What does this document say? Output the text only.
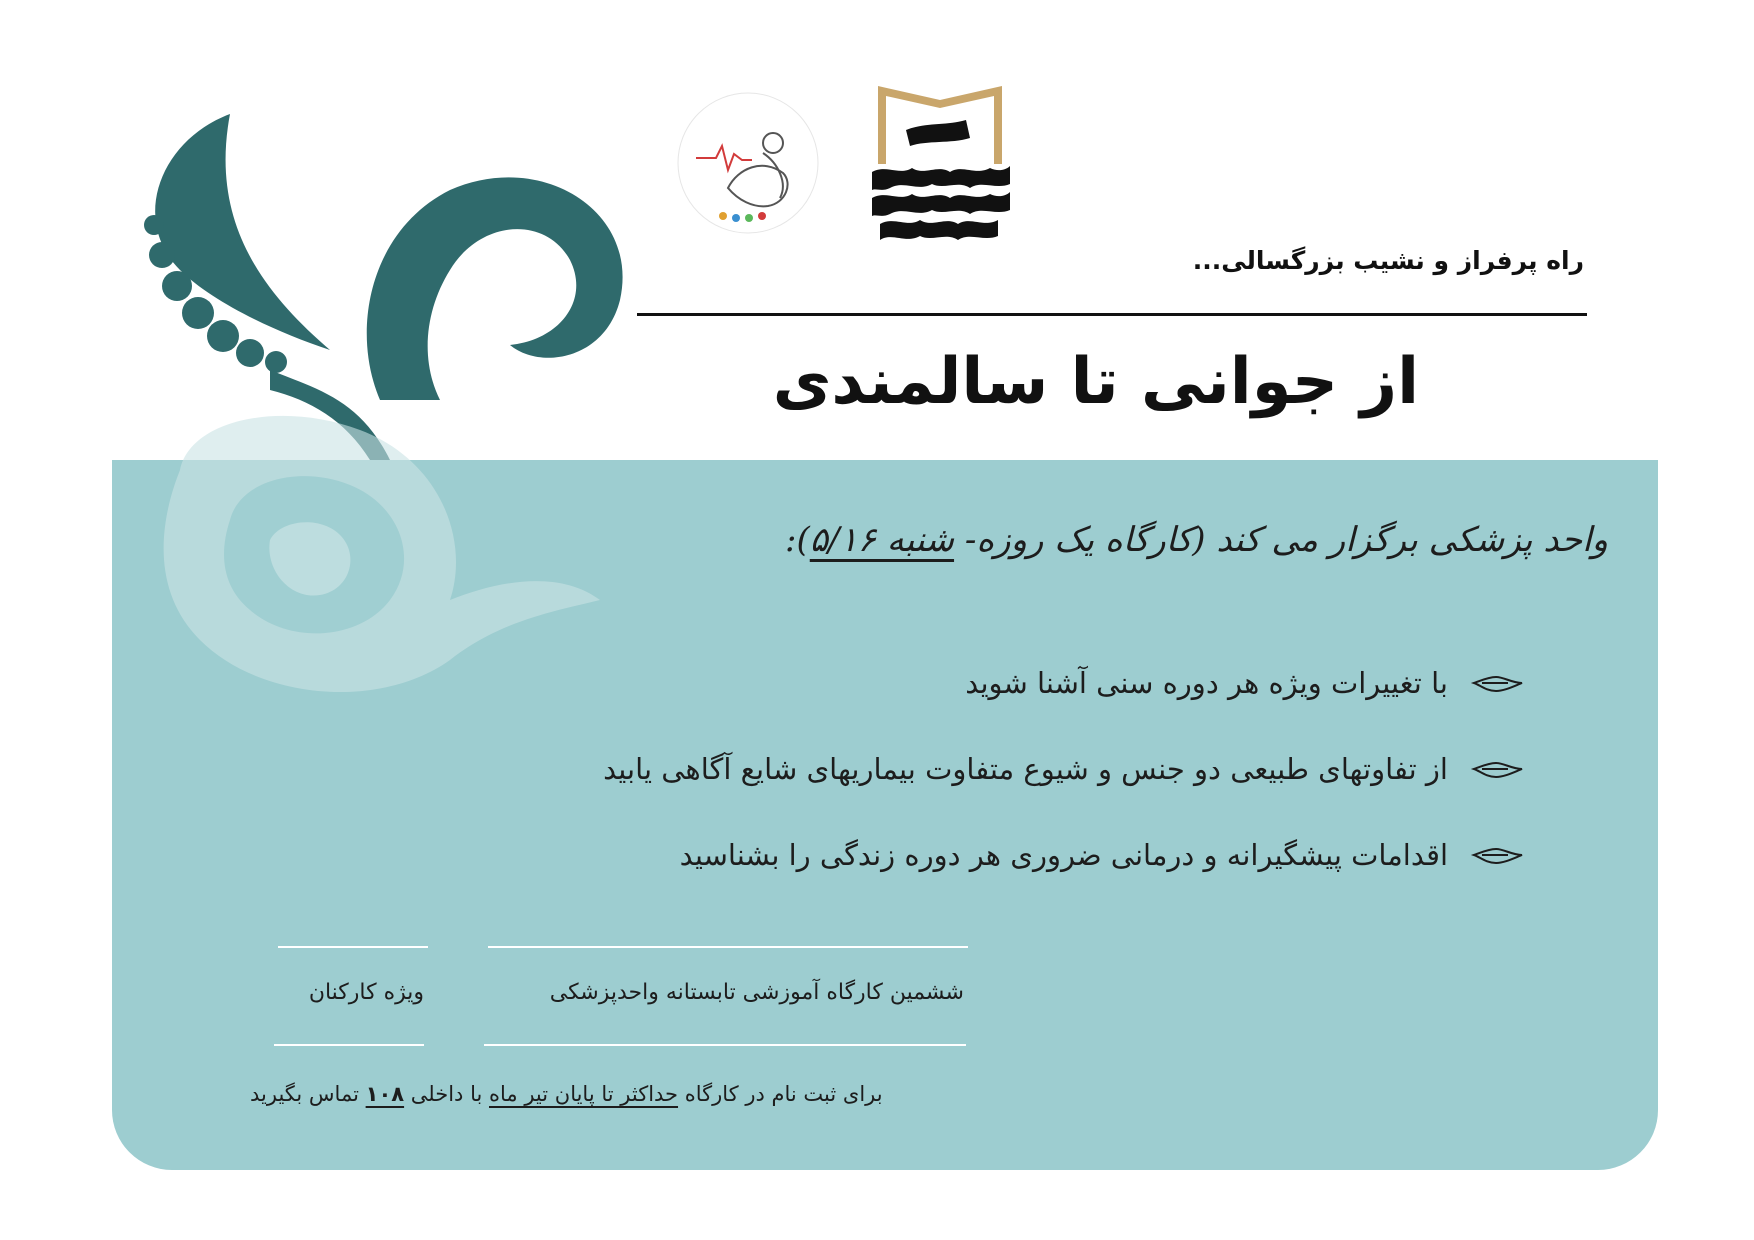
راه پرفراز و نشیب بزرگسالی...
از جوانی تا سالمندی
واحد پزشکی برگزار می کند (کارگاه یک روزه- شنبه ۵/۱۶):
با تغییرات ویژه هر دوره سنی آشنا شوید
از تفاوتهای طبیعی دو جنس و شیوع متفاوت بیماریهای شایع آگاهی یابید
اقدامات پیشگیرانه و درمانی ضروری هر دوره زندگی را بشناسید
ششمین کارگاه آموزشی تابستانه واحدپزشکی
ویژه کارکنان
برای ثبت نام در کارگاه حداکثر تا پایان تیر ماه با داخلی ۱۰۸ تماس بگیرید
